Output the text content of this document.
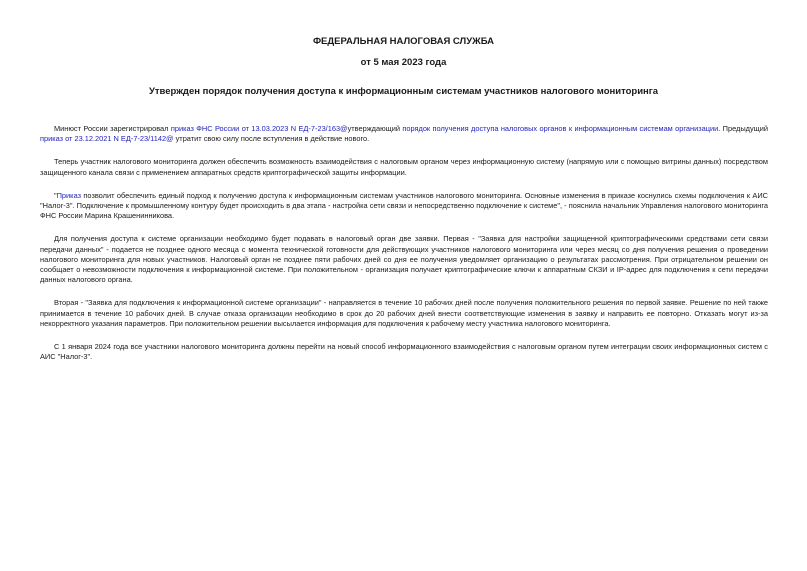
ФЕДЕРАЛЬНАЯ НАЛОГОВАЯ СЛУЖБА
от 5 мая 2023 года
Утвержден порядок получения доступа к информационным системам участников налогового мониторинга

Минюст России зарегистрировал приказ ФНС России от 13.03.2023 N ЕД-7-23/163@утверждающий порядок получения доступа налоговых органов к информационным системам организации. Предыдущий приказ от 23.12.2021 N ЕД-7-23/1142@ утратит свою силу после вступления в действие нового.

Теперь участник налогового мониторинга должен обеспечить возможность взаимодействия с налоговым органом через информационную систему (напрямую или с помощью витрины данных) посредством защищенного канала связи с применением аппаратных средств криптографической защиты информации.

"Приказ позволит обеспечить единый подход к получению доступа к информационным системам участников налогового мониторинга. Основные изменения в приказе коснулись схемы подключения к АИС "Налог-3". Подключение к промышленному контуру будет происходить в два этапа - настройка сети связи и непосредственно подключение к системе", - пояснила начальник Управления налогового мониторинга ФНС России Марина Крашенинникова.

Для получения доступа к системе организации необходимо будет подавать в налоговый орган две заявки. Первая - "Заявка для настройки защищенной криптографическими средствами сети связи передачи данных" - подается не позднее одного месяца с момента технической готовности для действующих участников налогового мониторинга или через месяц со дня получения решения о проведении налогового мониторинга для новых участников. Налоговый орган не позднее пяти рабочих дней со дня ее получения уведомляет организацию о результатах рассмотрения. При отрицательном решении он сообщает о невозможности подключения к информационной системе. При положительном - организация получает криптографические ключи к аппаратным СКЗИ и IP-адрес для подключения к сети передачи данных налогового органа.

Вторая - "Заявка для подключения к информационной системе организации" - направляется в течение 10 рабочих дней после получения положительного решения по первой заявке. Решение по ней также принимается в течение 10 рабочих дней. В случае отказа организации необходимо в срок до 20 рабочих дней внести соответствующие изменения в заявку и направить ее повторно. Отказать могут из-за некорректного указания параметров. При положительном решении высылается информация для подключения к рабочему месту участника налогового мониторинга.

С 1 января 2024 года все участники налогового мониторинга должны перейти на новый способ информационного взаимодействия с налоговым органом путем интеграции своих информационных систем с АИС "Налог-3".
